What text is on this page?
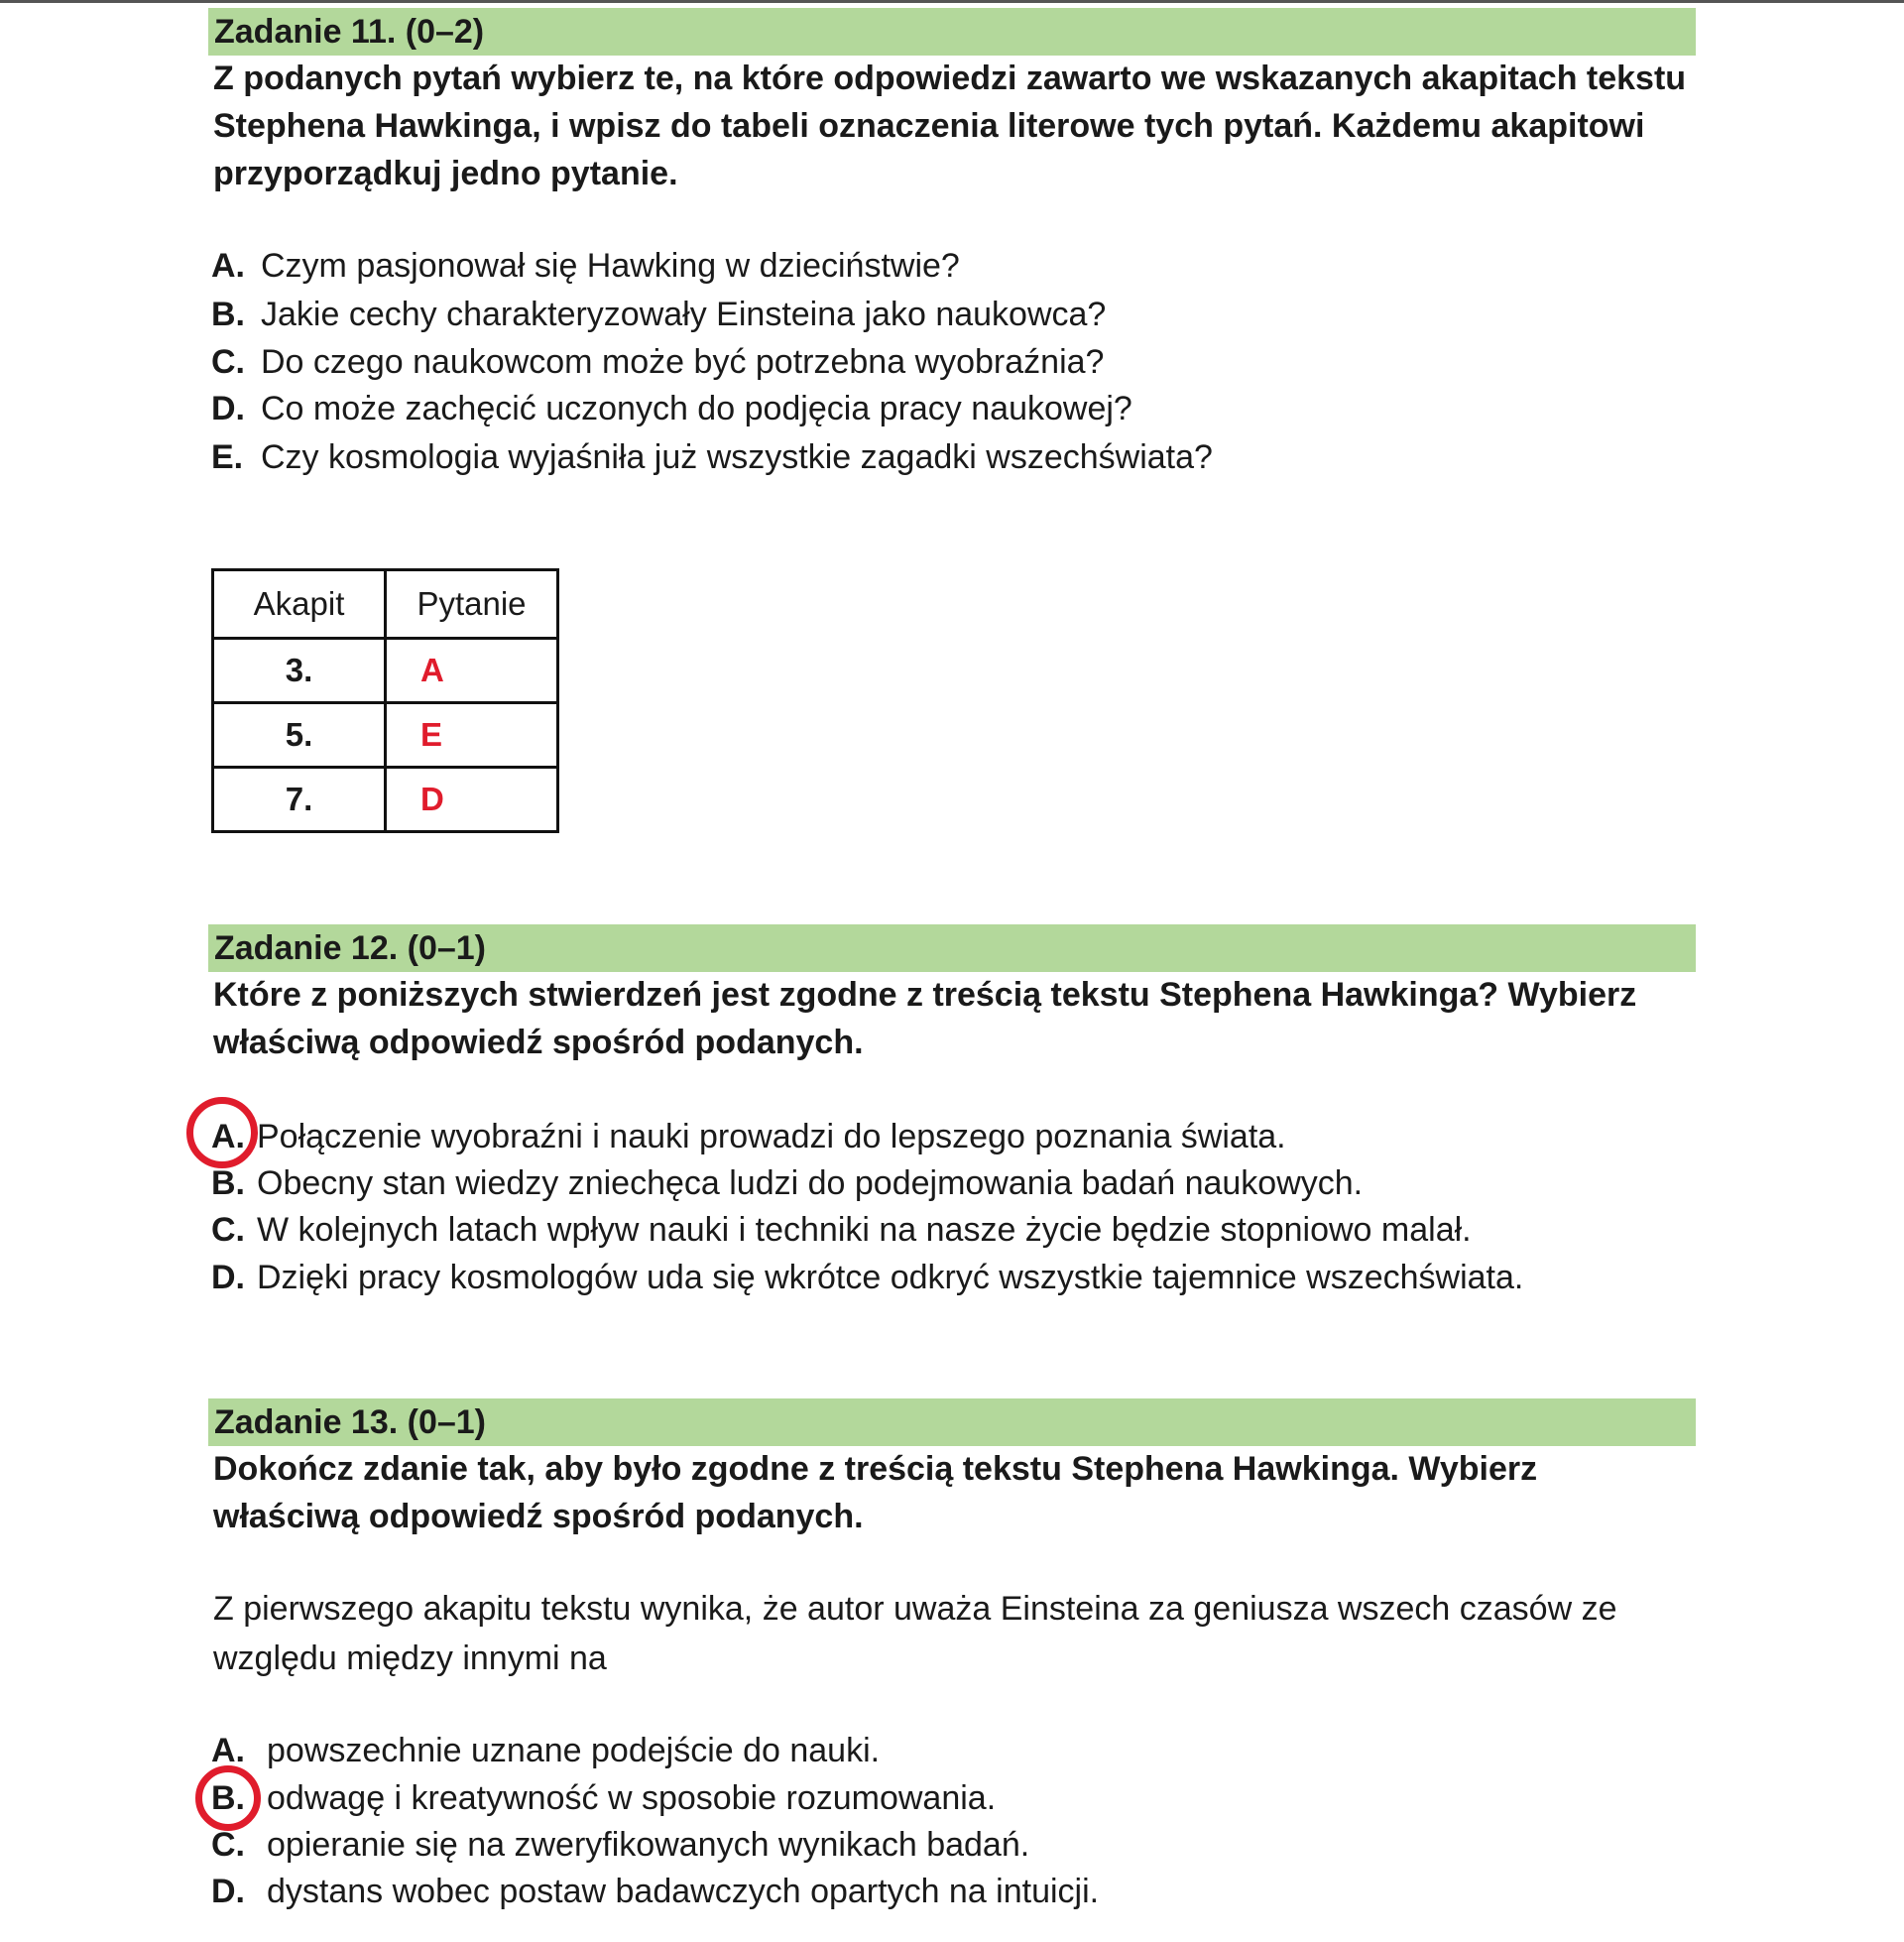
Zadanie 11. (0–2)
Z podanych pytań wybierz te, na które odpowiedzi zawarto we wskazanych akapitach tekstu Stephena Hawkinga, i wpisz do tabeli oznaczenia literowe tych pytań. Każdemu akapitowi przyporządkuj jedno pytanie.
A. Czym pasjonował się Hawking w dzieciństwie?
B. Jakie cechy charakteryzowały Einsteina jako naukowca?
C. Do czego naukowcom może być potrzebna wyobraźnia?
D. Co może zachęcić uczonych do podjęcia pracy naukowej?
E. Czy kosmologia wyjaśniła już wszystkie zagadki wszechświata?
Akapit	Pytanie
3.	A
5.	E
7.	D
Zadanie 12. (0–1)
Które z poniższych stwierdzeń jest zgodne z treścią tekstu Stephena Hawkinga? Wybierz właściwą odpowiedź spośród podanych.
A. Połączenie wyobraźni i nauki prowadzi do lepszego poznania świata.
B. Obecny stan wiedzy zniechęca ludzi do podejmowania badań naukowych.
C. W kolejnych latach wpływ nauki i techniki na nasze życie będzie stopniowo malał.
D. Dzięki pracy kosmologów uda się wkrótce odkryć wszystkie tajemnice wszechświata.
Zadanie 13. (0–1)
Dokończ zdanie tak, aby było zgodne z treścią tekstu Stephena Hawkinga. Wybierz właściwą odpowiedź spośród podanych.
Z pierwszego akapitu tekstu wynika, że autor uważa Einsteina za geniusza wszech czasów ze względu między innymi na
A. powszechnie uznane podejście do nauki.
B. odwagę i kreatywność w sposobie rozumowania.
C. opieranie się na zweryfikowanych wynikach badań.
D. dystans wobec postaw badawczych opartych na intuicji.
